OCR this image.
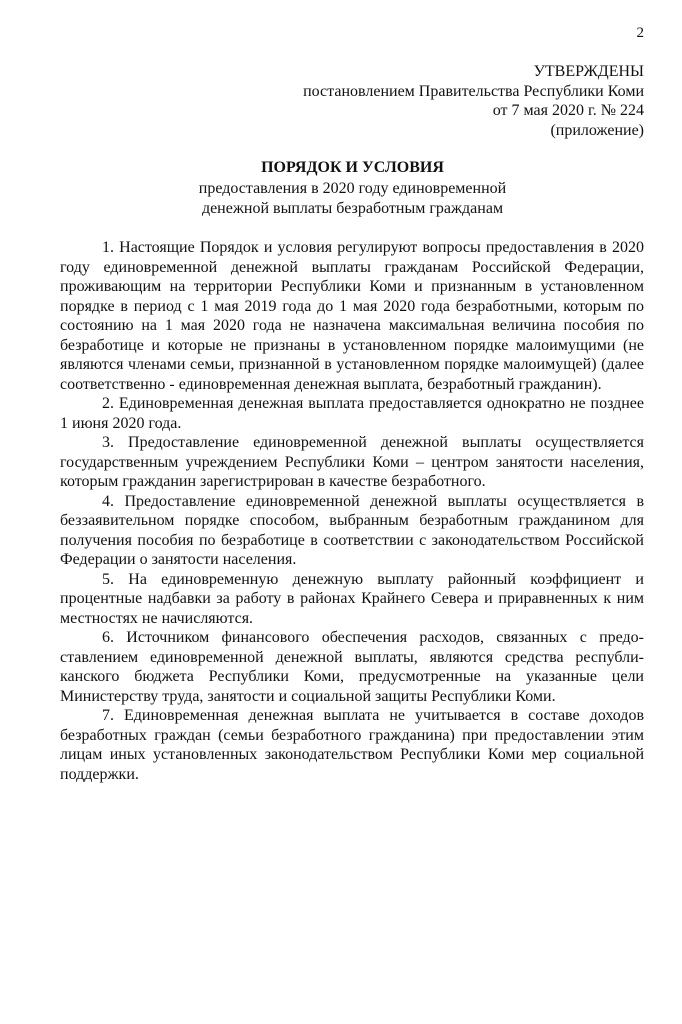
2
УТВЕРЖДЕНЫ
постановлением Правительства Республики Коми
от 7 мая 2020 г. № 224
(приложение)
ПОРЯДОК И УСЛОВИЯ
предоставления в 2020 году единовременной
денежной выплаты безработным гражданам

1. Настоящие Порядок и условия регулируют вопросы предоставления в 2020 году единовременной денежной выплаты гражданам Российской Федерации, проживающим на территории Республики Коми и признанным в установленном порядке в период с 1 мая 2019 года до 1 мая 2020 года безработными, которым по состоянию на 1 мая 2020 года не назначена максимальная величина пособия по безработице и которые не признаны в установленном порядке малоимущими (не являются членами семьи, признанной в установленном порядке малоимущей) (далее соответственно - единовременная денежная выплата, безработный гражданин).

2. Единовременная денежная выплата предоставляется однократно не позднее 1 июня 2020 года.

3. Предоставление единовременной денежной выплаты осуществляется государственным учреждением Республики Коми – центром занятости населения, которым гражданин зарегистрирован в качестве безработного.

4. Предоставление единовременной денежной выплаты осуществляется в беззаявительном порядке способом, выбранным безработным гражданином для получения пособия по безработице в соответствии с законодательством Российской Федерации о занятости населения.

5. На единовременную денежную выплату районный коэффициент и процентные надбавки за работу в районах Крайнего Севера и приравненных к ним местностях не начисляются.

6. Источником финансового обеспечения расходов, связанных с предоставлением единовременной денежной выплаты, являются средства республиканского бюджета Республики Коми, предусмотренные на указанные цели Министерству труда, занятости и социальной защиты Республики Коми.

7. Единовременная денежная выплата не учитывается в составе доходов безработных граждан (семьи безработного гражданина) при предоставлении этим лицам иных установленных законодательством Республики Коми мер социальной поддержки.
